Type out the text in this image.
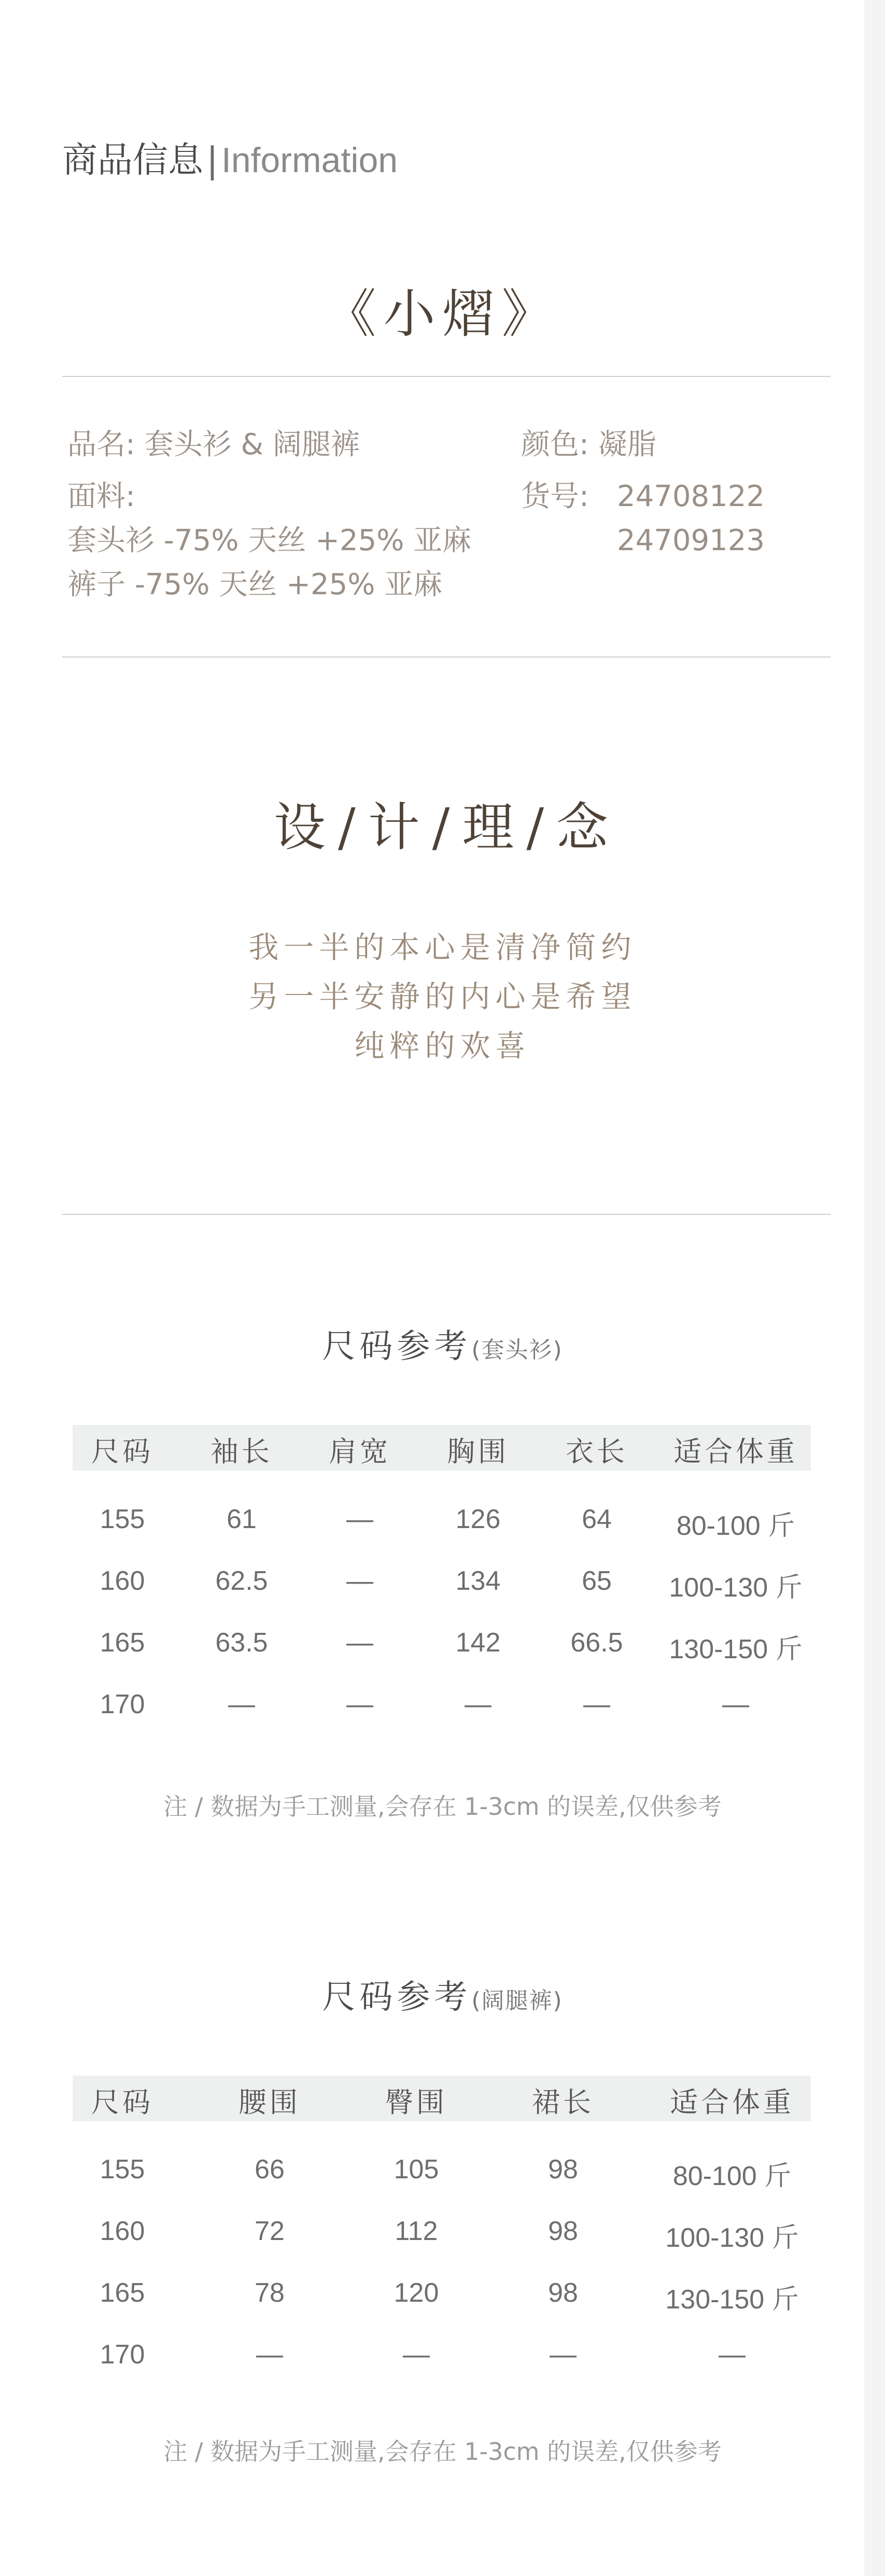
商品信息|Information
《小熠》
品名: 套头衫 & 阔腿裤
面料:
套头衫 -75% 天丝 +25% 亚麻
裤子 -75% 天丝 +25% 亚麻
颜色: 凝脂
货号: 24708122
24709123
设 / 计 / 理 / 念
我一半的本心是清净简约
另一半安静的内心是希望
纯粹的欢喜
尺码参考(套头衫)
尺码 袖长 肩宽 胸围 衣长 适合体重
155	61	—	126	64 80-100 斤
160	62.5	—	134	65 100-130 斤
165	63.5	—	142	66.5 130-150 斤
170	—	—	—	—	—
注 / 数据为手工测量,会存在 1-3cm 的误差,仅供参考
尺码参考(阔腿裤)
尺码	腰围	臀围	裙长	适合体重
155	66	105	98	80-100 斤
160	72	112	98	100-130 斤
165	78	120	98	130-150 斤
170	—	—	—	—
注 / 数据为手工测量,会存在 1-3cm 的误差,仅供参考
